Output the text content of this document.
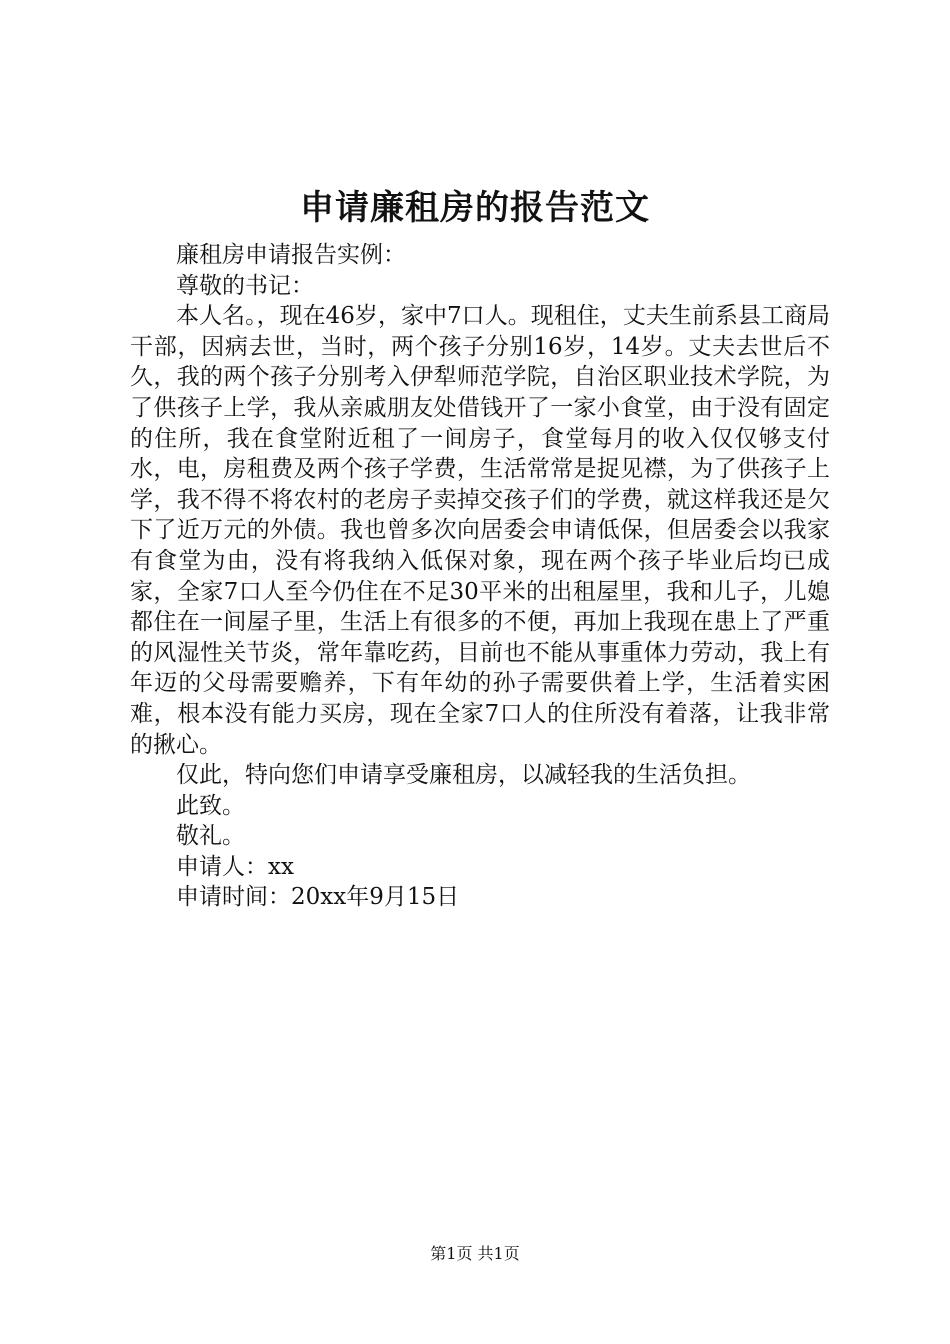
申请廉租房的报告范文

廉租房申请报告实例：

尊敬的书记：

本人名。，现在46岁，家中7口人。现租住，丈夫生前系县工商局干部，因病去世，当时，两个孩子分别16岁，14岁。丈夫去世后不久，我的两个孩子分别考入伊犁师范学院，自治区职业技术学院，为了供孩子上学，我从亲戚朋友处借钱开了一家小食堂，由于没有固定的住所，我在食堂附近租了一间房子，食堂每月的收入仅仅够支付水，电，房租费及两个孩子学费，生活常常是捉见襟，为了供孩子上学，我不得不将农村的老房子卖掉交孩子们的学费，就这样我还是欠下了近万元的外债。我也曾多次向居委会申请低保，但居委会以我家有食堂为由，没有将我纳入低保对象，现在两个孩子毕业后均已成家，全家7口人至今仍住在不足30平米的出租屋里，我和儿子，儿媳都住在一间屋子里，生活上有很多的不便，再加上我现在患上了严重的风湿性关节炎，常年靠吃药，目前也不能从事重体力劳动，我上有年迈的父母需要赡养，下有年幼的孙子需要供着上学，生活着实困难，根本没有能力买房，现在全家7口人的住所没有着落，让我非常的揪心。

仅此，特向您们申请享受廉租房，以减轻我的生活负担。

此致。

敬礼。

申请人：xx

申请时间：20xx年9月15日

第1页 共1页
